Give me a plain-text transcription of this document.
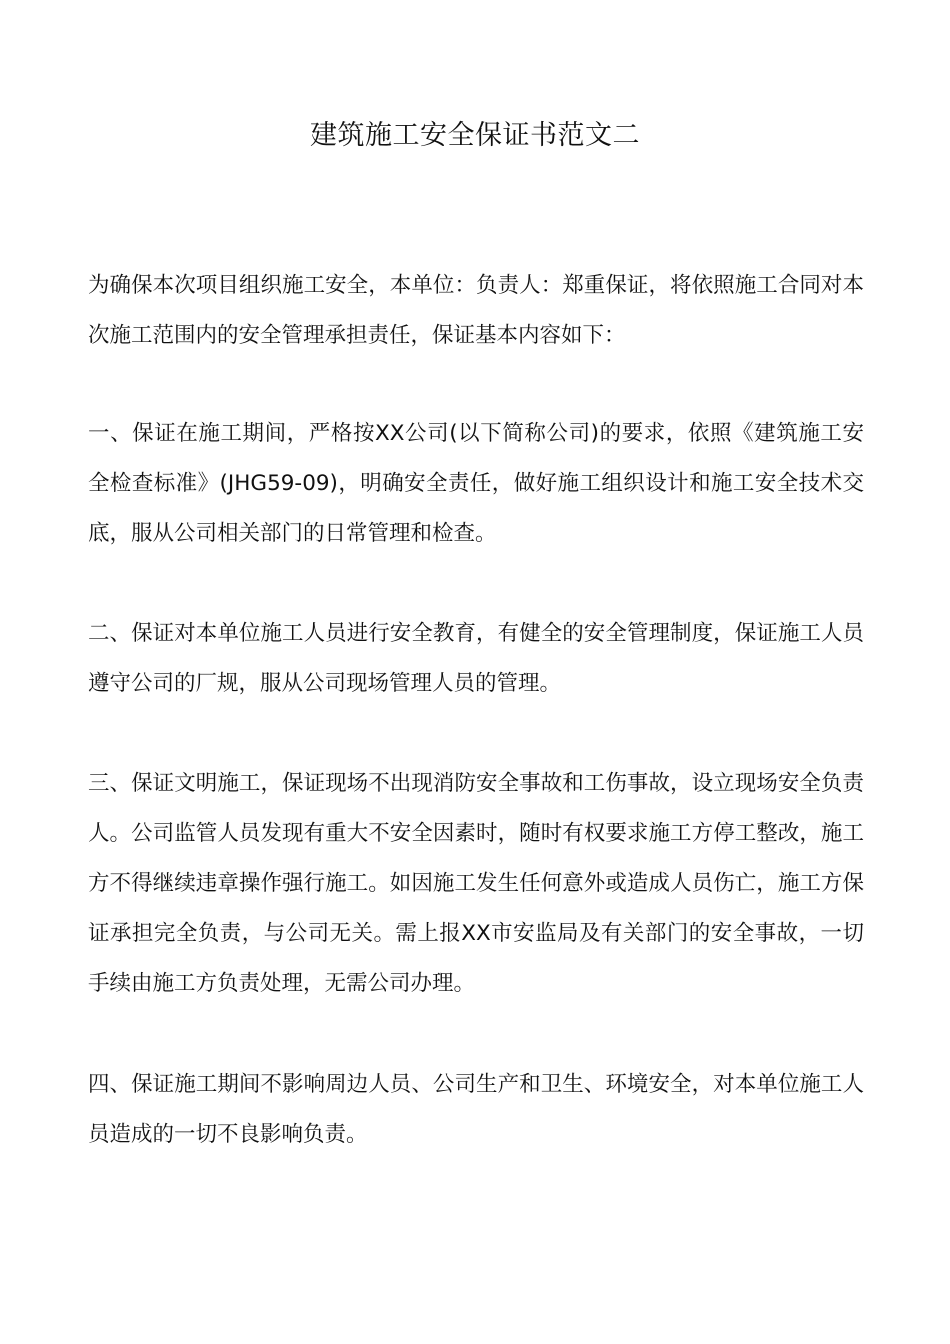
建筑施工安全保证书范文二

为确保本次项目组织施工安全，本单位：负责人：郑重保证，将依照施工合同对本次施工范围内的安全管理承担责任，保证基本内容如下：

一、保证在施工期间，严格按XX公司(以下简称公司)的要求，依照《建筑施工安全检查标准》(JHG59-09)，明确安全责任，做好施工组织设计和施工安全技术交底，服从公司相关部门的日常管理和检查。

二、保证对本单位施工人员进行安全教育，有健全的安全管理制度，保证施工人员遵守公司的厂规，服从公司现场管理人员的管理。

三、保证文明施工，保证现场不出现消防安全事故和工伤事故，设立现场安全负责人。公司监管人员发现有重大不安全因素时，随时有权要求施工方停工整改，施工方不得继续违章操作强行施工。如因施工发生任何意外或造成人员伤亡，施工方保证承担完全负责，与公司无关。需上报XX市安监局及有关部门的安全事故，一切手续由施工方负责处理，无需公司办理。

四、保证施工期间不影响周边人员、公司生产和卫生、环境安全，对本单位施工人员造成的一切不良影响负责。
